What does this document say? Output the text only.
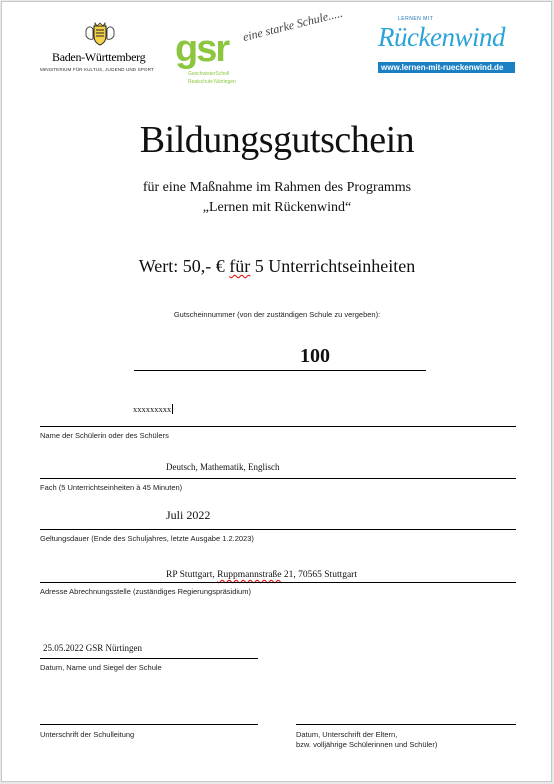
Baden-Württemberg
MINISTERIUM FÜR KULTUS, JUGEND UND SPORT gsr
eine starke Schule.....
GeschwisterScholl
Realschule Nürtingen
LERNEN MIT
Rückenwind
www.lernen-mit-rueckenwind.de
Bildungsgutschein
für eine Maßnahme im Rahmen des Programms
„Lernen mit Rückenwind“
Wert: 50,- € für 5 Unterrichtseinheiten
Gutscheinnummer (von der zuständigen Schule zu vergeben):
100
xxxxxxxxx
Name der Schülerin oder des Schülers
Deutsch, Mathematik, Englisch
Fach (5 Unterrichtseinheiten à 45 Minuten)
Juli 2022
Geltungsdauer (Ende des Schuljahres, letzte Ausgabe 1.2.2023)
RP Stuttgart, Ruppmannstraße 21, 70565 Stuttgart
Adresse Abrechnungsstelle (zuständiges Regierungspräsidium)
25.05.2022 GSR Nürtingen
Datum, Name und Siegel der Schule
Unterschrift der Schulleitung	Datum, Unterschrift der Eltern,
bzw. volljährige Schülerinnen und Schüler)
